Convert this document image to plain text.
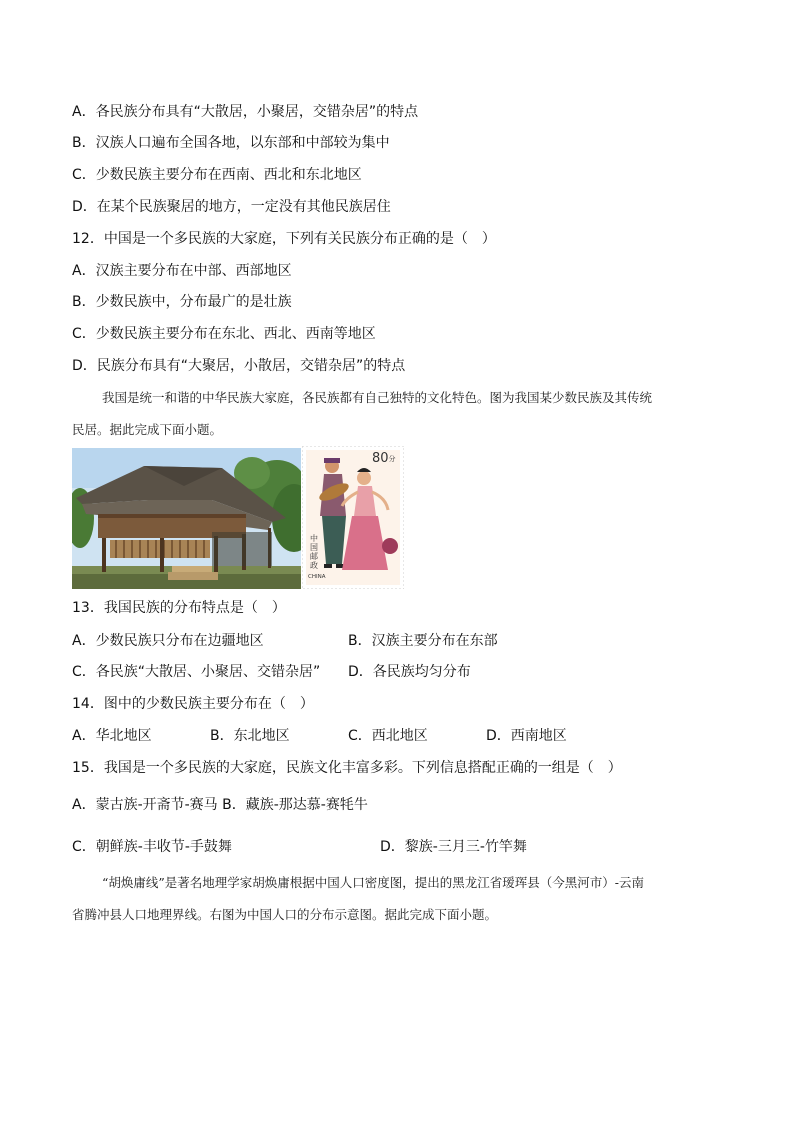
A．各民族分布具有“大散居，小聚居，交错杂居”的特点
B．汉族人口遍布全国各地，以东部和中部较为集中
C．少数民族主要分布在西南、西北和东北地区
D．在某个民族聚居的地方，一定没有其他民族居住
12．中国是一个多民族的大家庭，下列有关民族分布正确的是（　）
A．汉族主要分布在中部、西部地区
B．少数民族中，分布最广的是壮族
C．少数民族主要分布在东北、西北、西南等地区
D．民族分布具有“大聚居，小散居，交错杂居”的特点
我国是统一和谐的中华民族大家庭，各民族都有自己独特的文化特色。图为我国某少数民族及其传统
民居。据此完成下面小题。
$80^分$
中国邮政
CHINA
13．我国民族的分布特点是（　）
A．少数民族只分布在边疆地区	B．汉族主要分布在东部
C．各民族“大散居、小聚居、交错杂居” D．各民族均匀分布
14．图中的少数民族主要分布在（　）
A．华北地区	B．东北地区	C．西北地区	D．西南地区
15．我国是一个多民族的大家庭，民族文化丰富多彩。下列信息搭配正确的一组是（　）
A．蒙古族-开斋节-赛马 B．藏族-那达慕-赛牦牛
C．朝鲜族-丰收节-手鼓舞	D．黎族-三月三-竹竿舞
“胡焕庸线”是著名地理学家胡焕庸根据中国人口密度图，提出的黑龙江省瑷珲县（今黑河市）-云南
省腾冲县人口地理界线。右图为中国人口的分布示意图。据此完成下面小题。
